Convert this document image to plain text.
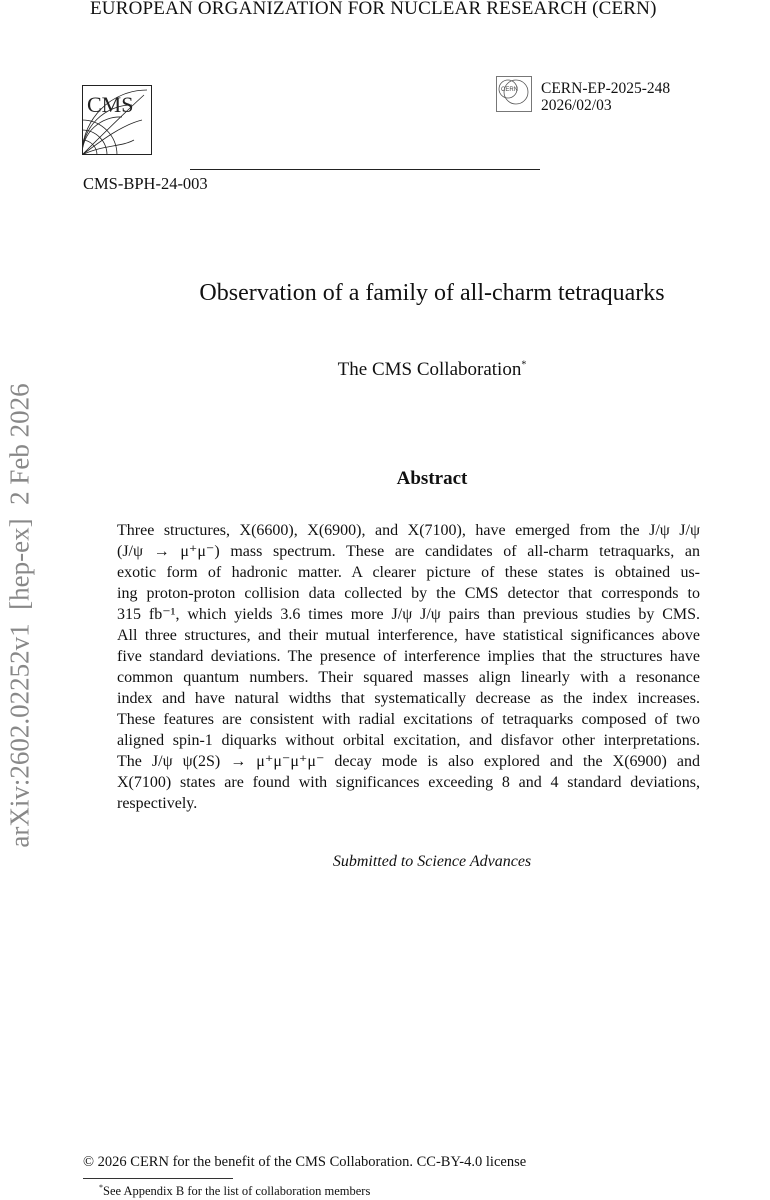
EUROPEAN ORGANIZATION FOR NUCLEAR RESEARCH (CERN)
CMS
CMS-BPH-24-003
CERN CERN-EP-2025-248
2026/02/03
Observation of a family of all-charm tetraquarks
The CMS Collaboration*
Abstract
Three structures, X(6600), X(6900), and X(7100), have emerged from the J/ψ J/ψ
(J/ψ → μ⁺μ⁻) mass spectrum. These are candidates of all-charm tetraquarks, an
exotic form of hadronic matter. A clearer picture of these states is obtained us-
ing proton-proton collision data collected by the CMS detector that corresponds to
315 fb⁻¹, which yields 3.6 times more J/ψ J/ψ pairs than previous studies by CMS.
All three structures, and their mutual interference, have statistical significances above
five standard deviations. The presence of interference implies that the structures have
common quantum numbers. Their squared masses align linearly with a resonance
index and have natural widths that systematically decrease as the index increases.
These features are consistent with radial excitations of tetraquarks composed of two
aligned spin-1 diquarks without orbital excitation, and disfavor other interpretations.
The J/ψ ψ(2S) → μ⁺μ⁻μ⁺μ⁻ decay mode is also explored and the X(6900) and
X(7100) states are found with significances exceeding 8 and 4 standard deviations,
respectively.
Submitted to Science Advances
arXiv:2602.02252v1  [hep-ex]  2 Feb 2026
© 2026 CERN for the benefit of the CMS Collaboration. CC-BY-4.0 license
*See Appendix B for the list of collaboration members
